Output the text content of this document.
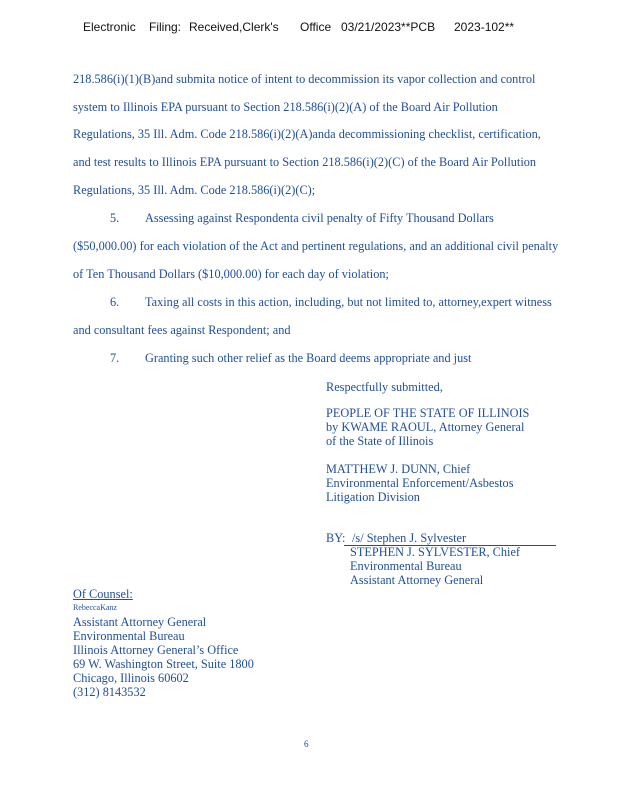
Electronic Filing: Received,Clerk's Office 03/21/2023**PCB 2023-102**
218.586(i)(1)(B)and submita notice of intent to decommission its vapor collection and control
system to Illinois EPA pursuant to Section 218.586(i)(2)(A) of the Board Air Pollution
Regulations, 35 Ill. Adm. Code 218.586(i)(2)(A)anda decommissioning checklist, certification,
and test results to Illinois EPA pursuant to Section 218.586(i)(2)(C) of the Board Air Pollution
Regulations, 35 Ill. Adm. Code 218.586(i)(2)(C);
5. Assessing against Respondenta civil penalty of Fifty Thousand Dollars
($50,000.00) for each violation of the Act and pertinent regulations, and an additional civil penalty
of Ten Thousand Dollars ($10,000.00) for each day of violation;
6. Taxing all costs in this action, including, but not limited to, attorney,expert witness
and consultant fees against Respondent; and
7. Granting such other relief as the Board deems appropriate and just
Respectfully submitted,
PEOPLE OF THE STATE OF ILLINOIS
by KWAME RAOUL, Attorney General
of the State of Illinois
MATTHEW J. DUNN, Chief
Environmental Enforcement/Asbestos
Litigation Division
BY: /s/ Stephen J. Sylvester
STEPHEN J. SYLVESTER, Chief
Environmental Bureau
Assistant Attorney General
Of Counsel:
RebeccaKanz
Assistant Attorney General
Environmental Bureau
Illinois Attorney General’s Office
69 W. Washington Street, Suite 1800
Chicago, Illinois 60602
(312) 8143532
6
